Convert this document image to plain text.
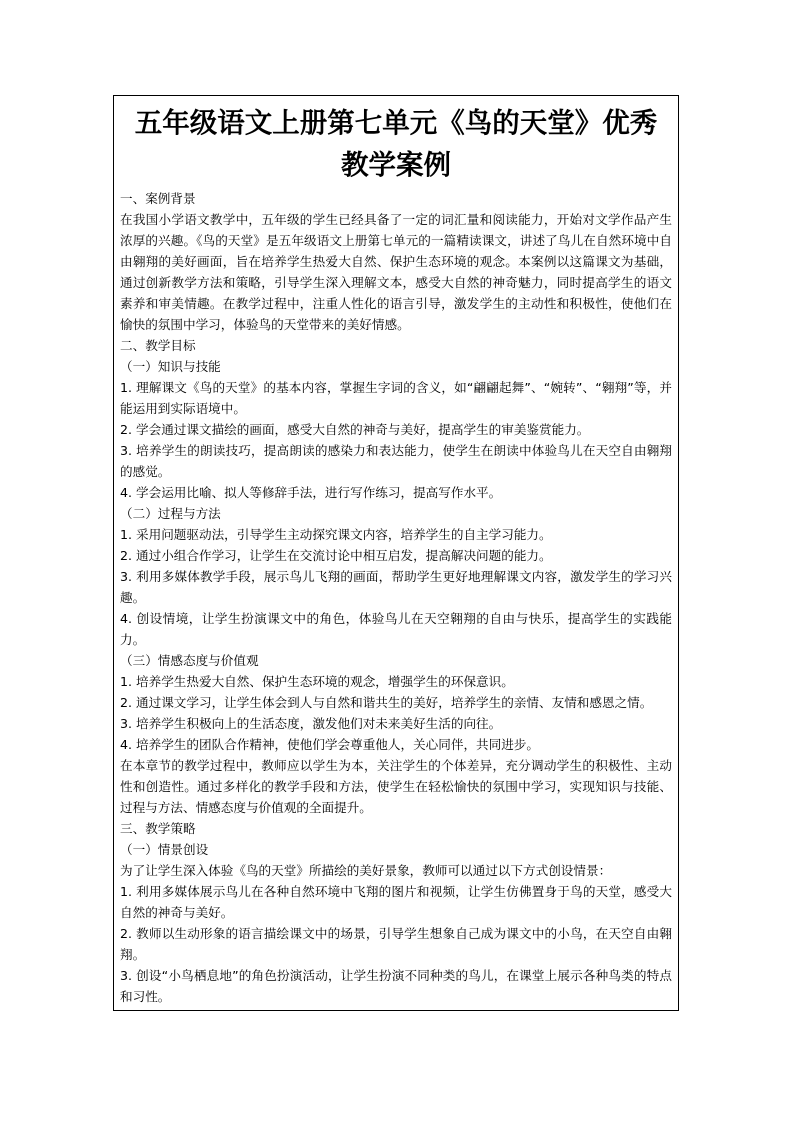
五年级语文上册第七单元《鸟的天堂》优秀
教学案例

一、案例背景

在我国小学语文教学中，五年级的学生已经具备了一定的词汇量和阅读能力，开始对文学作品产生浓厚的兴趣。《鸟的天堂》是五年级语文上册第七单元的一篇精读课文，讲述了鸟儿在自然环境中自由翱翔的美好画面，旨在培养学生热爱大自然、保护生态环境的观念。本案例以这篇课文为基础，通过创新教学方法和策略，引导学生深入理解文本，感受大自然的神奇魅力，同时提高学生的语文素养和审美情趣。在教学过程中，注重人性化的语言引导，激发学生的主动性和积极性，使他们在愉快的氛围中学习，体验鸟的天堂带来的美好情感。

二、教学目标

（一）知识与技能

1. 理解课文《鸟的天堂》的基本内容，掌握生字词的含义，如“翩翩起舞”、“婉转”、“翱翔”等，并能运用到实际语境中。

2. 学会通过课文描绘的画面，感受大自然的神奇与美好，提高学生的审美鉴赏能力。

3. 培养学生的朗读技巧，提高朗读的感染力和表达能力，使学生在朗读中体验鸟儿在天空自由翱翔的感觉。

4. 学会运用比喻、拟人等修辞手法，进行写作练习，提高写作水平。

（二）过程与方法

1. 采用问题驱动法，引导学生主动探究课文内容，培养学生的自主学习能力。

2. 通过小组合作学习，让学生在交流讨论中相互启发，提高解决问题的能力。

3. 利用多媒体教学手段，展示鸟儿飞翔的画面，帮助学生更好地理解课文内容，激发学生的学习兴趣。

4. 创设情境，让学生扮演课文中的角色，体验鸟儿在天空翱翔的自由与快乐，提高学生的实践能力。

（三）情感态度与价值观

1. 培养学生热爱大自然、保护生态环境的观念，增强学生的环保意识。

2. 通过课文学习，让学生体会到人与自然和谐共生的美好，培养学生的亲情、友情和感恩之情。

3. 培养学生积极向上的生活态度，激发他们对未来美好生活的向往。

4. 培养学生的团队合作精神，使他们学会尊重他人，关心同伴，共同进步。

在本章节的教学过程中，教师应以学生为本，关注学生的个体差异，充分调动学生的积极性、主动性和创造性。通过多样化的教学手段和方法，使学生在轻松愉快的氛围中学习，实现知识与技能、过程与方法、情感态度与价值观的全面提升。

三、教学策略

（一）情景创设

为了让学生深入体验《鸟的天堂》所描绘的美好景象，教师可以通过以下方式创设情景：

1. 利用多媒体展示鸟儿在各种自然环境中飞翔的图片和视频，让学生仿佛置身于鸟的天堂，感受大自然的神奇与美好。

2. 教师以生动形象的语言描绘课文中的场景，引导学生想象自己成为课文中的小鸟，在天空自由翱翔。

3. 创设“小鸟栖息地”的角色扮演活动，让学生扮演不同种类的鸟儿，在课堂上展示各种鸟类的特点和习性。
